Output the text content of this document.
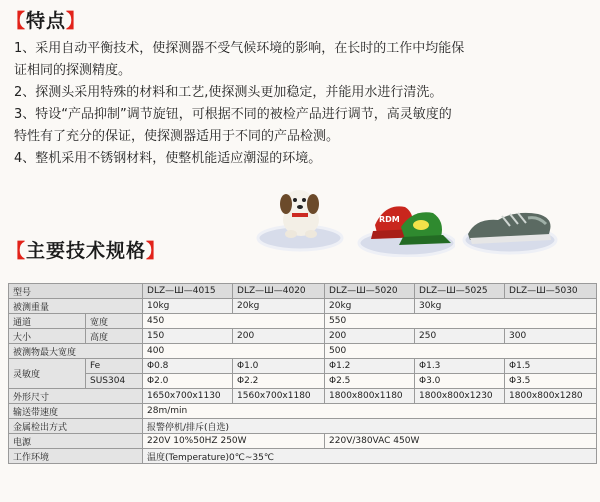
【特点】

1、采用自动平衡技术，使探测器不受气候环境的影响，在长时的工作中均能保

证相同的探测精度。

2、探测头采用特殊的材料和工艺,使探测头更加稳定，并能用水进行清洗。

3、特设“产品抑制”调节旋钮，可根据不同的被检产品进行调节，高灵敏度的

特性有了充分的保证，使探测器适用于不同的产品检测。

4、整机采用不锈钢材料，使整机能适应潮湿的环境。

RDM
【主要技术规格】
型号		DLZ—Ш—4015	DLZ—Ш—4020	DLZ—Ш—5020	DLZ—Ш—5025	DLZ—Ш—5030
被测重量		10kg	20kg	20kg	30kg	
通道	宽度	450		550		
大小	高度	150	200	200	250	300
被测物最大宽度		400		500		
灵敏度	Fe	Φ0.8	Φ1.0	Φ1.2	Φ1.3	Φ1.5
	SUS304	Φ2.0	Φ2.2	Φ2.5	Φ3.0	Φ3.5
外形尺寸		1650x700x1130	1560x700x1180	1800x800x1180	1800x800x1230	1800x800x1280
输送带速度		28m/min				
金属检出方式		报警停机/排斥(自选)				
电源		220V 10%50HZ 250W		220V/380VAC 450W		
工作环境		温度(Temperature)0℃~35℃				
